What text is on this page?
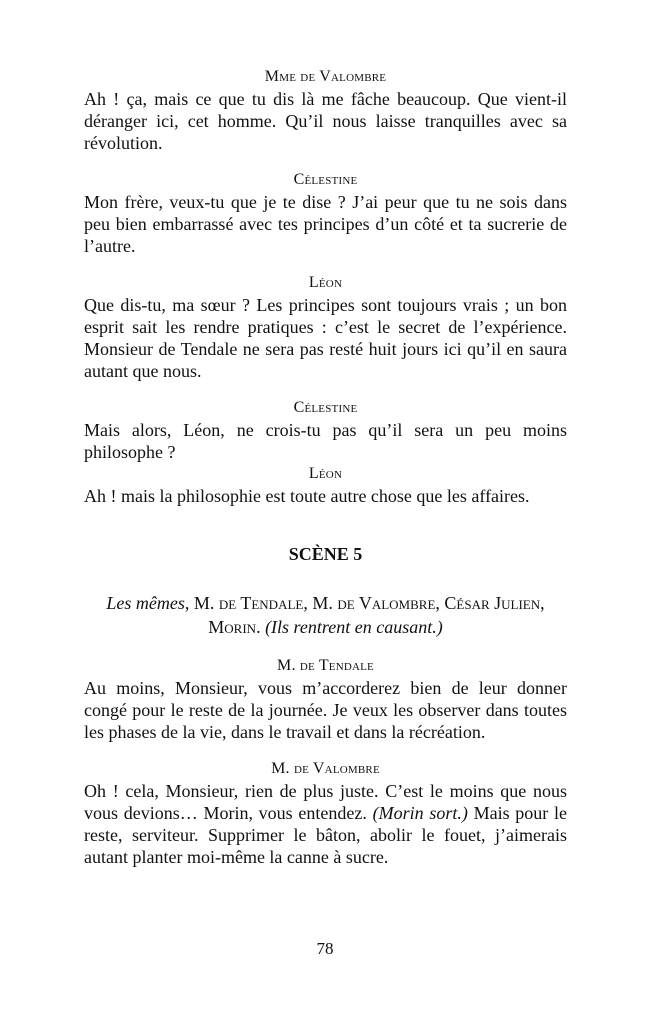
Mme de Valombre

Ah ! ça, mais ce que tu dis là me fâche beaucoup. Que vient-il déranger ici, cet homme. Qu’il nous laisse tranquilles avec sa révolution.

Célestine

Mon frère, veux-tu que je te dise ? J’ai peur que tu ne sois dans peu bien embarrassé avec tes principes d’un côté et ta sucrerie de l’autre.

Léon

Que dis-tu, ma sœur ? Les principes sont toujours vrais ; un bon esprit sait les rendre pratiques : c’est le secret de l’expérience. Monsieur de Tendale ne sera pas resté huit jours ici qu’il en saura autant que nous.

Célestine

Mais alors, Léon, ne crois-tu pas qu’il sera un peu moins philosophe ?

Léon

Ah ! mais la philosophie est toute autre chose que les affaires.

SCÈNE 5
Les mêmes, M. de Tendale, M. de Valombre, César Julien,
Morin. (Ils rentrent en causant.)
M. de Tendale

Au moins, Monsieur, vous m’accorderez bien de leur donner congé pour le reste de la journée. Je veux les observer dans toutes les phases de la vie, dans le travail et dans la récréation.

M. de Valombre

Oh ! cela, Monsieur, rien de plus juste. C’est le moins que nous vous devions… Morin, vous entendez. (Morin sort.) Mais pour le reste, serviteur. Supprimer le bâton, abolir le fouet, j’aimerais autant planter moi-même la canne à sucre.

78
